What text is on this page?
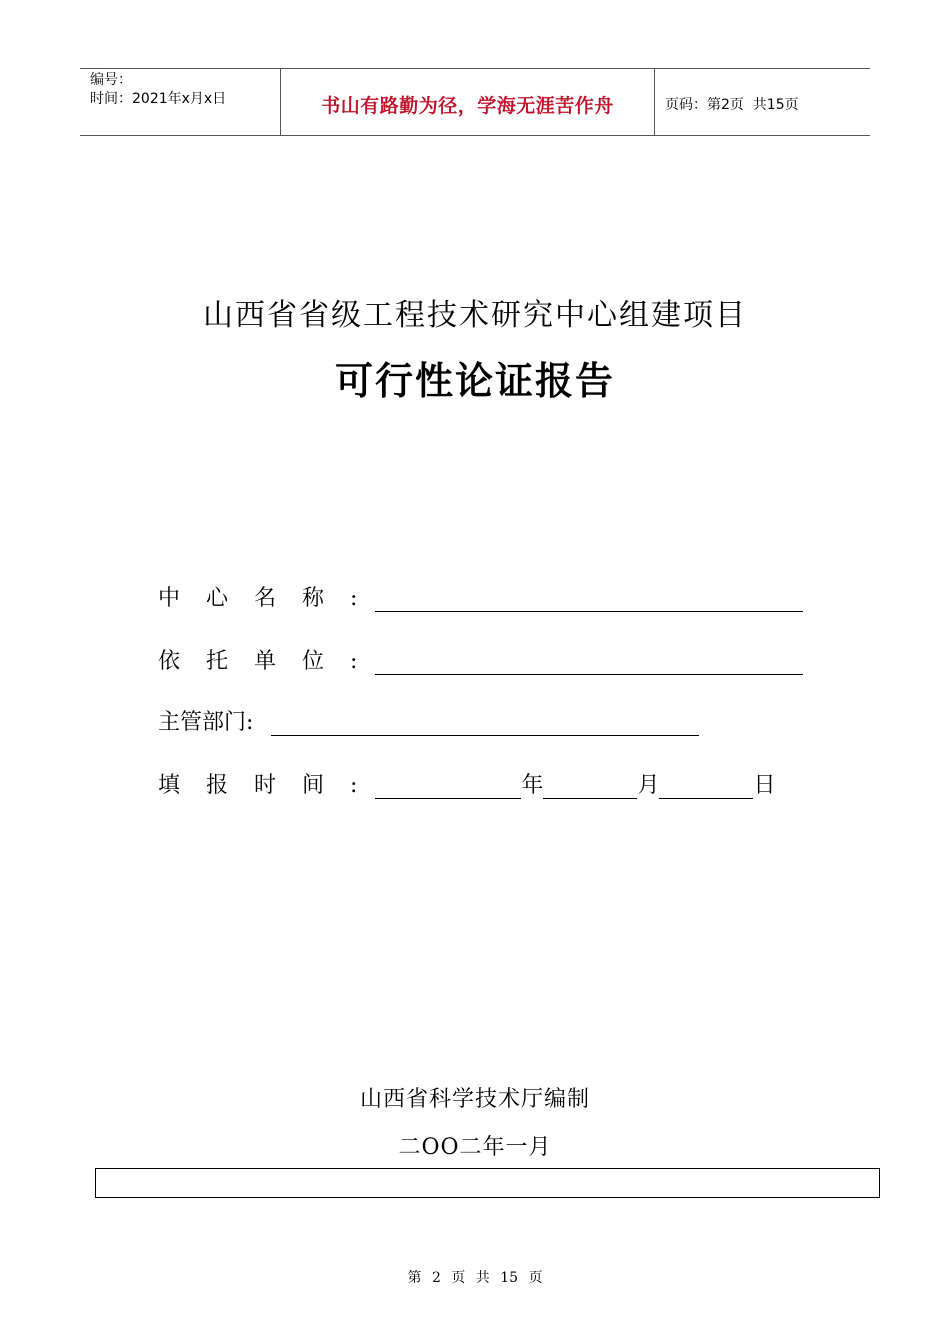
编号：
时间：2021年x月x日	书山有路勤为径，学海无涯苦作舟	页码：第2页  共15页
山西省省级工程技术研究中心组建项目
可行性论证报告
中心名称:
依托单位:
主管部门:
填报时间:	年	月	日
山西省科学技术厅编制
二OO二年一月
第 2 页 共 15 页
